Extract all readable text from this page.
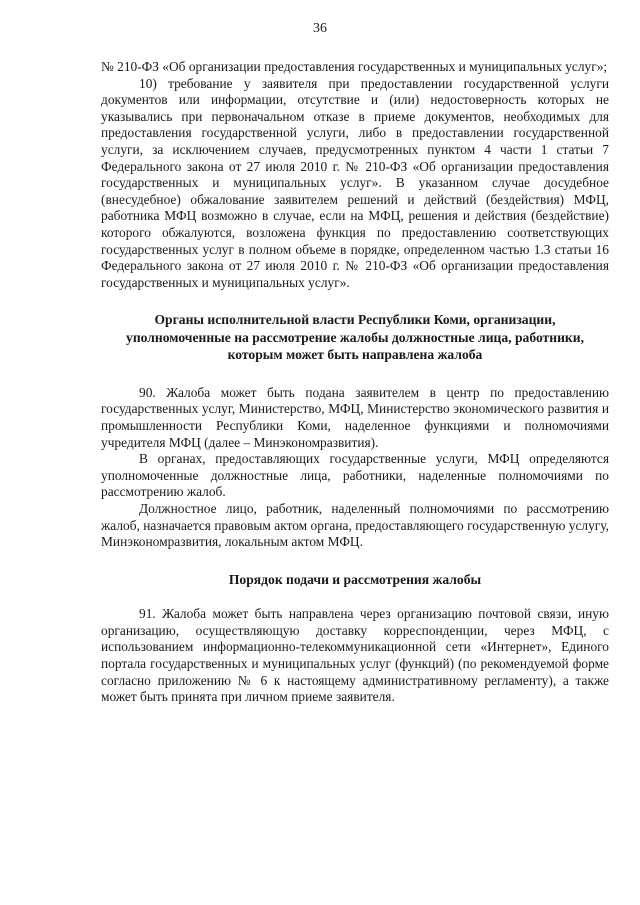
36

№ 210-ФЗ «Об организации предоставления государственных и муниципальных услуг»;

10) требование у заявителя при предоставлении государственной услуги документов или информации, отсутствие и (или) недостоверность которых не указывались при первоначальном отказе в приеме документов, необходимых для предоставления государственной услуги, либо в предоставлении государственной услуги, за исключением случаев, предусмотренных пунктом 4 части 1 статьи 7 Федерального закона от 27 июля 2010 г. № 210-ФЗ «Об организации предоставления государственных и муниципальных услуг». В указанном случае досудебное (внесудебное) обжалование заявителем решений и действий (бездействия) МФЦ, работника МФЦ возможно в случае, если на МФЦ, решения и действия (бездействие) которого обжалуются, возложена функция по предоставлению соответствующих государственных услуг в полном объеме в порядке, определенном частью 1.3 статьи 16 Федерального закона от 27 июля 2010 г. № 210-ФЗ «Об организации предоставления государственных и муниципальных услуг».

Органы исполнительной власти Республики Коми, организации, уполномоченные на рассмотрение жалобы должностные лица, работники, которым может быть направлена жалоба

90. Жалоба может быть подана заявителем в центр по предоставлению государственных услуг, Министерство, МФЦ, Министерство экономического развития и промышленности Республики Коми, наделенное функциями и полномочиями учредителя МФЦ (далее – Минэкономразвития).

В органах, предоставляющих государственные услуги, МФЦ определяются уполномоченные должностные лица, работники, наделенные полномочиями по рассмотрению жалоб.

Должностное лицо, работник, наделенный полномочиями по рассмотрению жалоб, назначается правовым актом органа, предоставляющего государственную услугу, Минэкономразвития, локальным актом МФЦ.

Порядок подачи и рассмотрения жалобы

91. Жалоба может быть направлена через организацию почтовой связи, иную организацию, осуществляющую доставку корреспонденции, через МФЦ, с использованием информационно-телекоммуникационной сети «Интернет», Единого портала государственных и муниципальных услуг (функций) (по рекомендуемой форме согласно приложению № 6 к настоящему административному регламенту), а также может быть принята при личном приеме заявителя.
